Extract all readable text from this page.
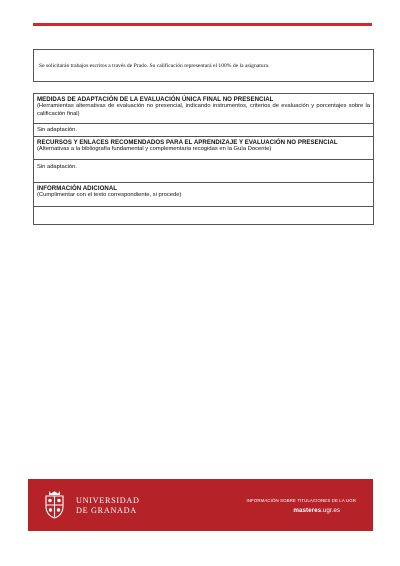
Se solicitarán trabajos escritos a través de Prado. Su calificación representará el 100% de la asignatura.
MEDIDAS DE ADAPTACIÓN DE LA EVALUACIÓN ÚNICA FINAL NO PRESENCIAL
(Herramientas alternativas de evaluación no presencial, indicando instrumentos, criterios de evaluación y porcentajes sobre la calificación final)
Sin adaptación.
RECURSOS Y ENLACES RECOMENDADOS PARA EL APRENDIZAJE Y EVALUACIÓN NO PRESENCIAL
(Alternativas a la bibliografía fundamental y complementaria recogidas en la Guía Docente)
Sin adaptación.
INFORMACIÓN ADICIONAL
(Cumplimentar con el texto correspondiente, si procede)
UNIVERSIDAD
DE GRANADA
INFORMACIÓN SOBRE TITULACIONES DE LA UGR
masteres.ugr.es
